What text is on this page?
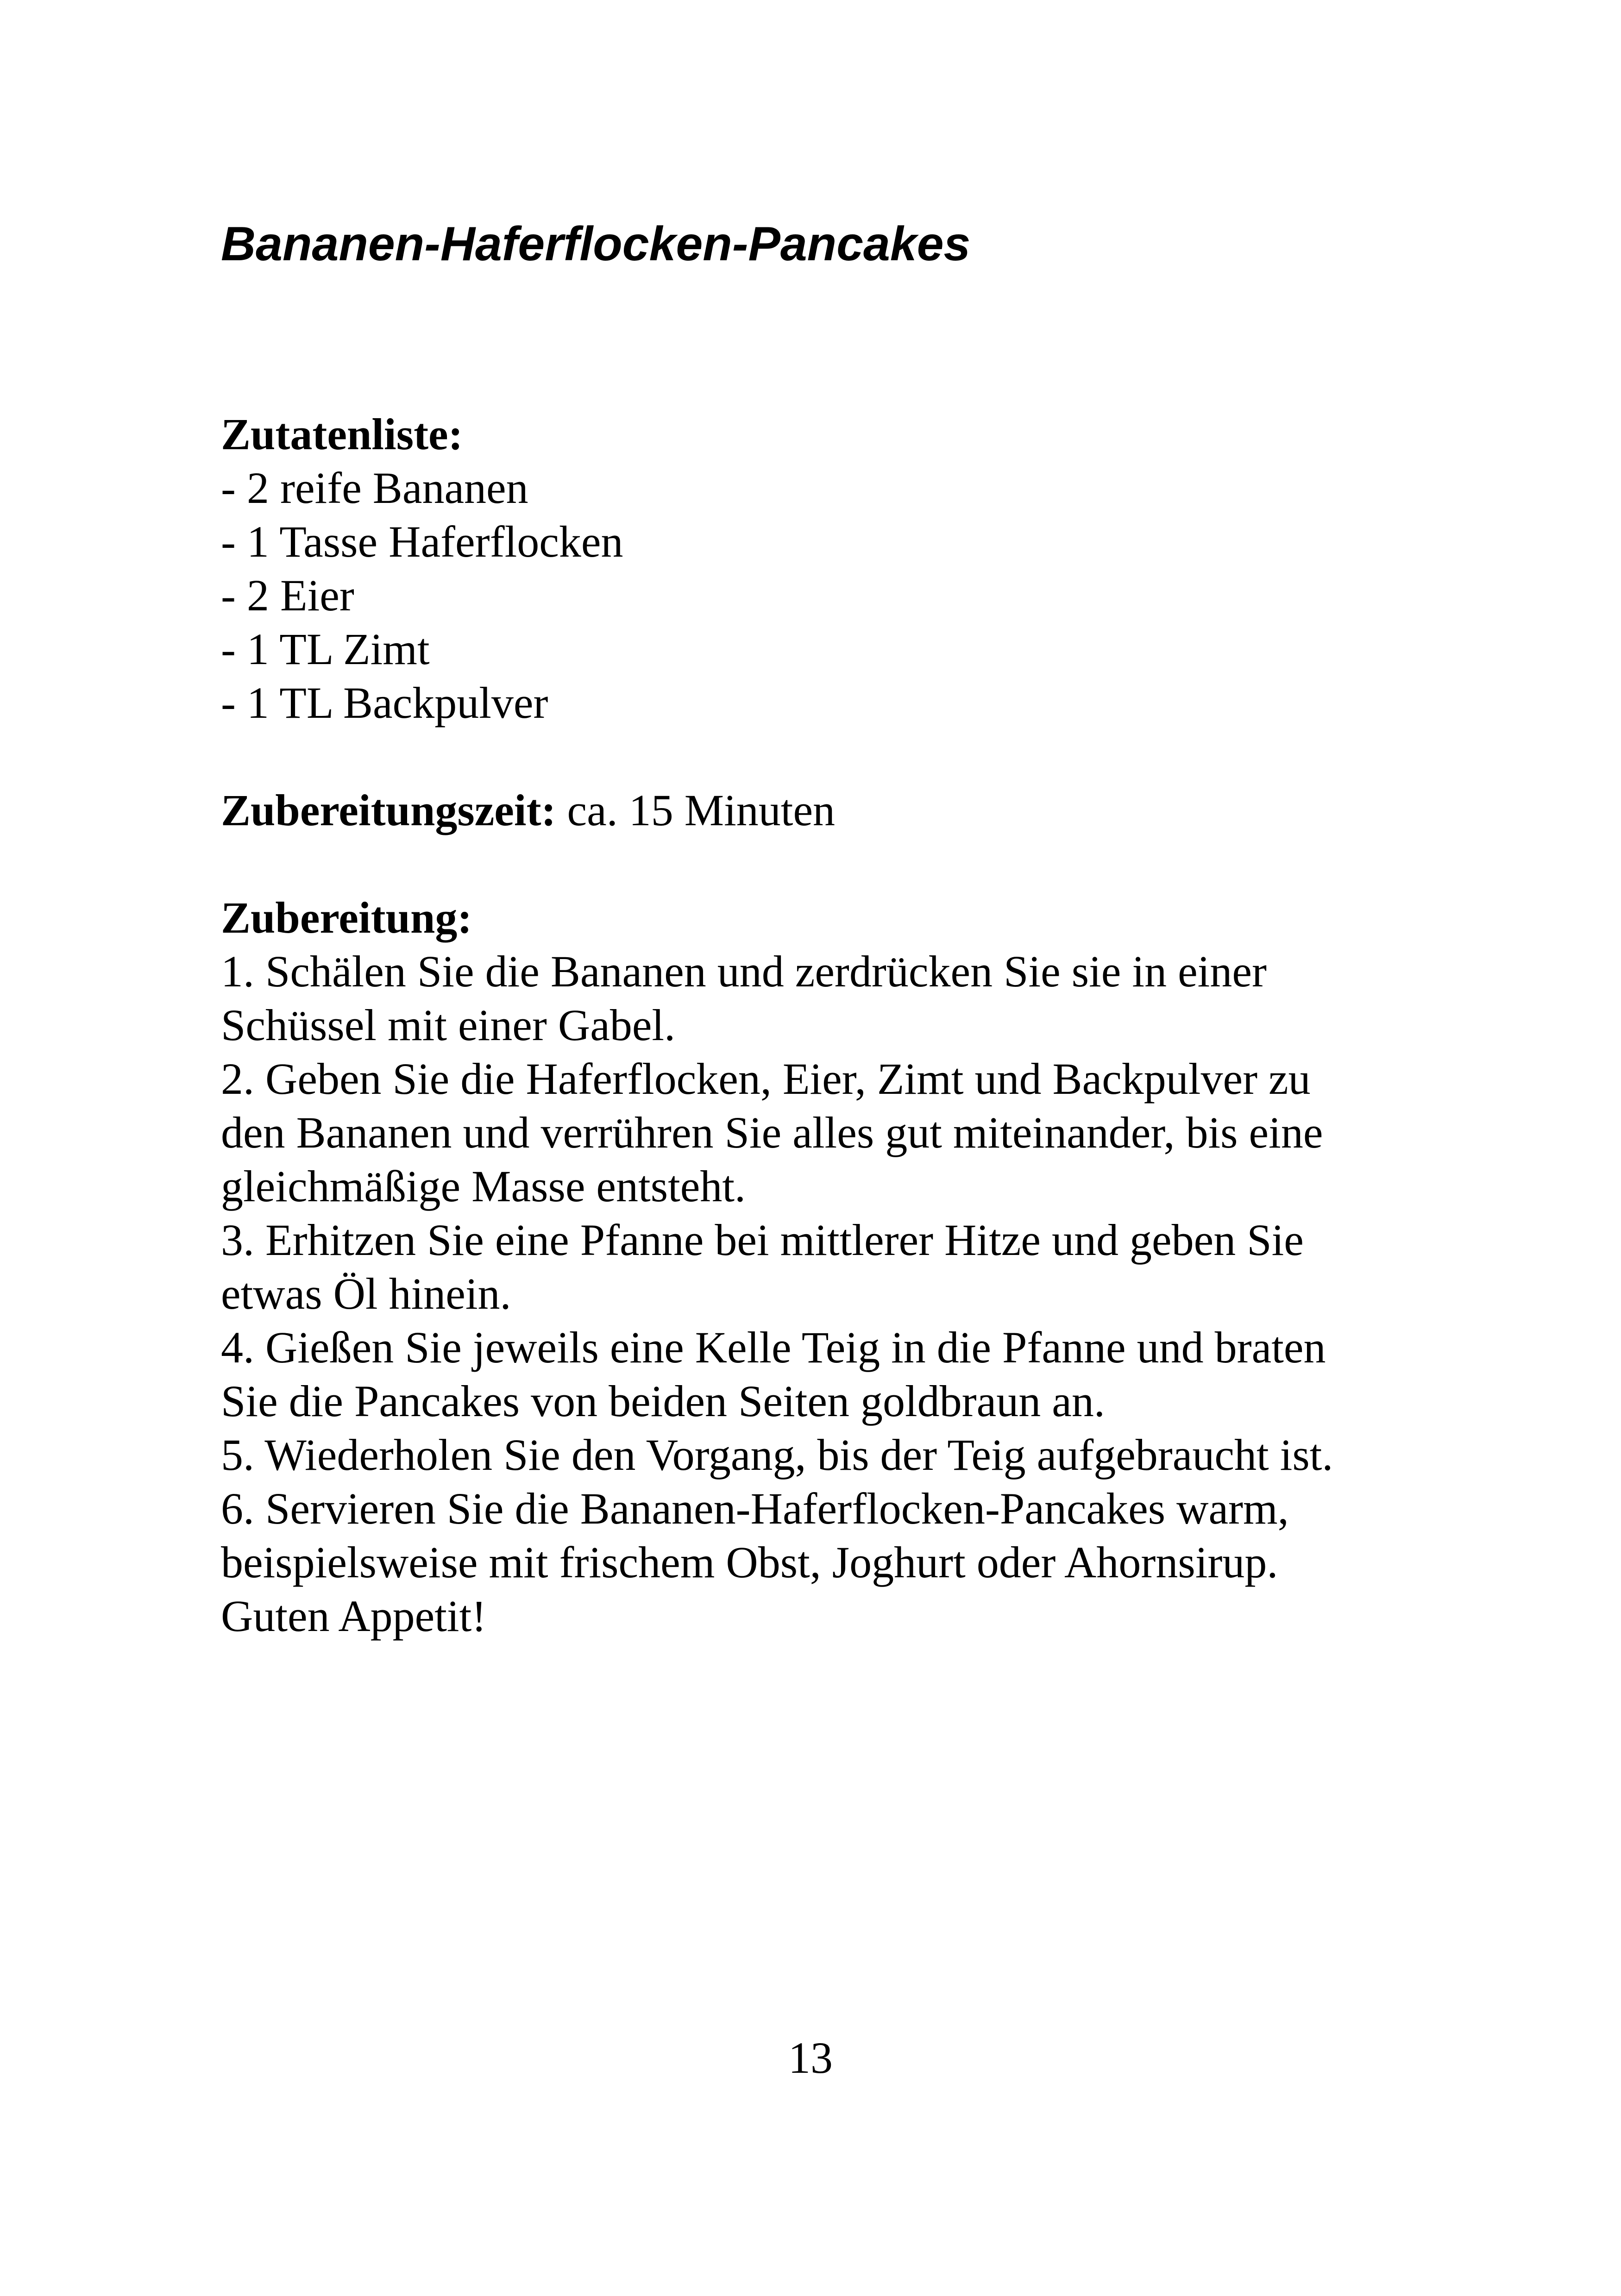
Bananen-Haferflocken-Pancakes
Zutatenliste:
- 2 reife Bananen
- 1 Tasse Haferflocken
- 2 Eier
- 1 TL Zimt
- 1 TL Backpulver
Zubereitungszeit: ca. 15 Minuten
Zubereitung:
1. Schälen Sie die Bananen und zerdrücken Sie sie in einer
Schüssel mit einer Gabel.
2. Geben Sie die Haferflocken, Eier, Zimt und Backpulver zu
den Bananen und verrühren Sie alles gut miteinander, bis eine
gleichmäßige Masse entsteht.
3. Erhitzen Sie eine Pfanne bei mittlerer Hitze und geben Sie
etwas Öl hinein.
4. Gießen Sie jeweils eine Kelle Teig in die Pfanne und braten
Sie die Pancakes von beiden Seiten goldbraun an.
5. Wiederholen Sie den Vorgang, bis der Teig aufgebraucht ist.
6. Servieren Sie die Bananen-Haferflocken-Pancakes warm,
beispielsweise mit frischem Obst, Joghurt oder Ahornsirup.
Guten Appetit!
13
